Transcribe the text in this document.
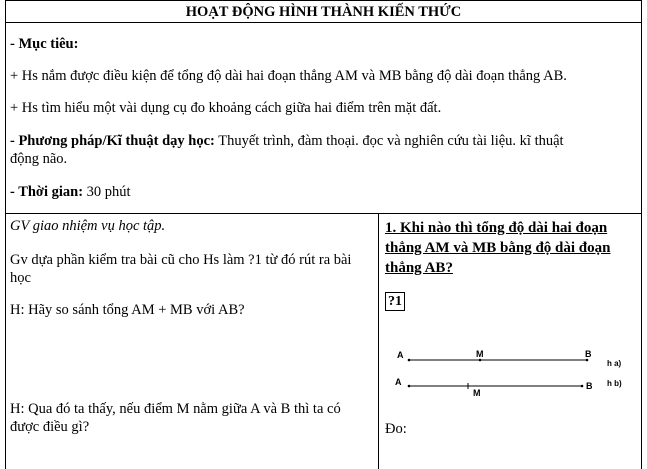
HOẠT ĐỘNG HÌNH THÀNH KIẾN THỨC
- Mục tiêu:
+ Hs nắm được điều kiện để tổng độ dài hai đoạn thẳng AM và MB bằng độ dài đoạn thẳng AB.
+ Hs tìm hiểu một vài dụng cụ đo khoảng cách giữa hai điểm trên mặt đất.
- Phương pháp/Kĩ thuật dạy học: Thuyết trình, đàm thoại. đọc và nghiên cứu tài liệu. kĩ thuật
động não.
- Thời gian: 30 phút
GV giao nhiệm vụ học tập.
Gv dựa phần kiểm tra bài cũ cho Hs làm ?1 từ đó rút ra bài
học
H: Hãy so sánh tổng AM + MB với AB?
H: Qua đó ta thấy, nếu điểm M nằm giữa A và B thì ta có
được điều gì?
1. Khi nào thì tổng độ dài hai đoạn
thẳng AM và MB bằng độ dài đoạn
thẳng AB?
?1
A	M	B
h a)
A
M
B h b)
Đo:
